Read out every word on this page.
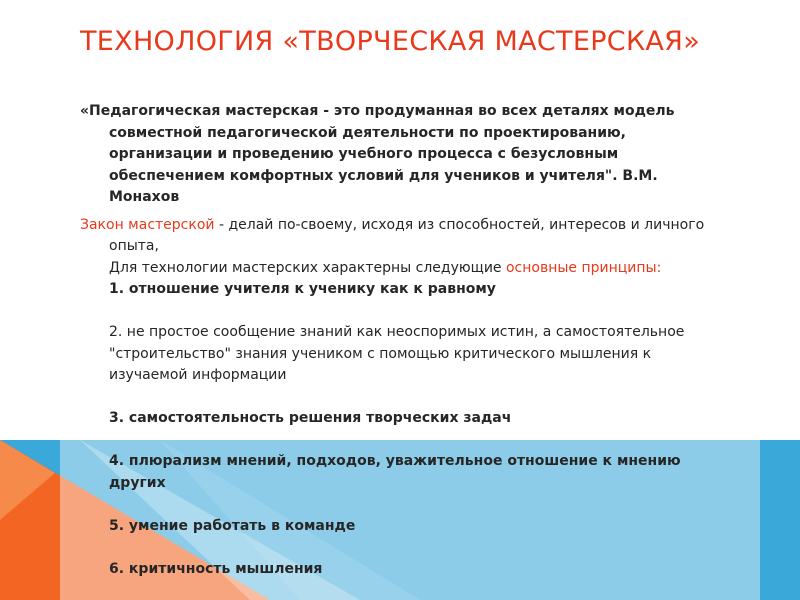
ТЕХНОЛОГИЯ «ТВОРЧЕСКАЯ МАСТЕРСКАЯ»

«Педагогическая мастерская - это продуманная во всех деталях модель совместной педагогической деятельности по проектированию, организации и проведению учебного процесса с безусловным обеспечением комфортных условий для учеников и учителя". В.М. Монахов

Закон мастерской - делай по-своему, исходя из способностей, интересов и личного опыта,

Для технологии мастерских характерны следующие основные принципы:
1. отношение учителя к ученику как к равному
2. не простое сообщение знаний как неоспоримых истин, а самостоятельное "строительство" знания учеником с помощью критического мышления к изучаемой информации
3. самостоятельность решения творческих задач
4. плюрализм мнений, подходов, уважительное отношение к мнению других
5. умение работать в команде
6. критичность мышления
